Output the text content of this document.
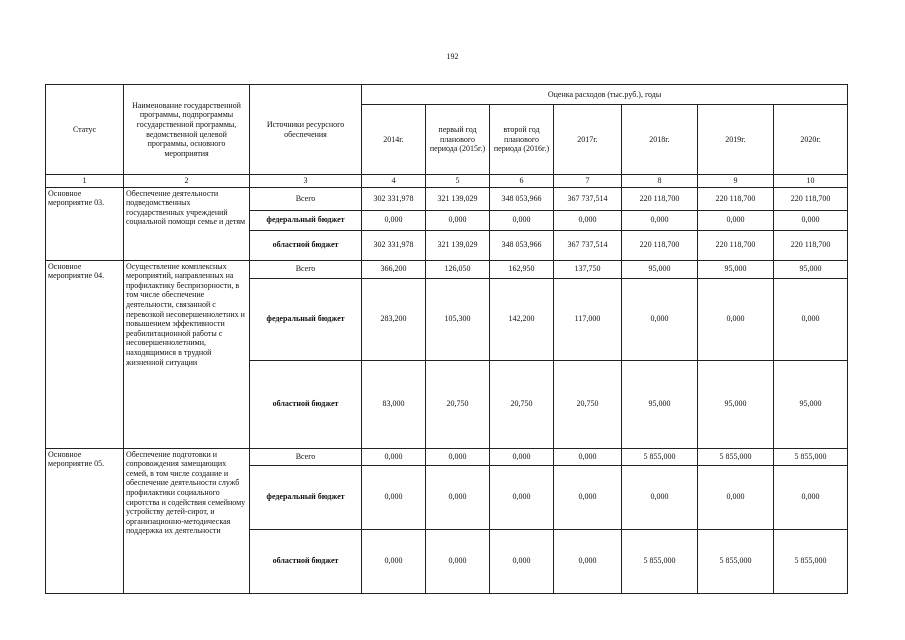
192
Статус	Наименование государственной программы, подпрограммы государственной программы, ведомственной целевой программы, основного мероприятия	Источники ресурсного обеспечения	Оценка расходов (тыс.руб.), годы						
			2014г.	первый год планового периода (2015г.)	второй год планового периода (2016г.)	2017г.	2018г.	2019г.	2020г.
1	2	3	4	5	6	7	8	9	10
Основное мероприятие 03.	Обеспечение деятельности подведомственных государственных учреждений социальной помощи семье и детям	Всего	302 331,978	321 139,029	348 053,966	367 737,514	220 118,700	220 118,700	220 118,700
		федеральный бюджет	0,000	0,000	0,000	0,000	0,000	0,000	0,000
		областной бюджет	302 331,978	321 139,029	348 053,966	367 737,514	220 118,700	220 118,700	220 118,700
Основное мероприятие 04.	Осуществление комплексных мероприятий, направленных на профилактику беспризорности, в том числе обеспечение деятельности, связанной с перевозкой несовершеннолетних и повышением эффективности реабилитационной работы с несовершеннолетними, находящимися в трудной жизненной ситуации	Всего	366,200	126,050	162,950	137,750	95,000	95,000	95,000
		федеральный бюджет	283,200	105,300	142,200	117,000	0,000	0,000	0,000
		областной бюджет	83,000	20,750	20,750	20,750	95,000	95,000	95,000
Основное мероприятие 05.	Обеспечение подготовки и сопровождения замещающих семей, в том числе создание и обеспечение деятельности служб профилактики социального сиротства и содействия семейному устройству детей-сирот, и организационно-методическая поддержка их деятельности	Всего	0,000	0,000	0,000	0,000	5 855,000	5 855,000	5 855,000
		федеральный бюджет	0,000	0,000	0,000	0,000	0,000	0,000	0,000
		областной бюджет	0,000	0,000	0,000	0,000	5 855,000	5 855,000	5 855,000
